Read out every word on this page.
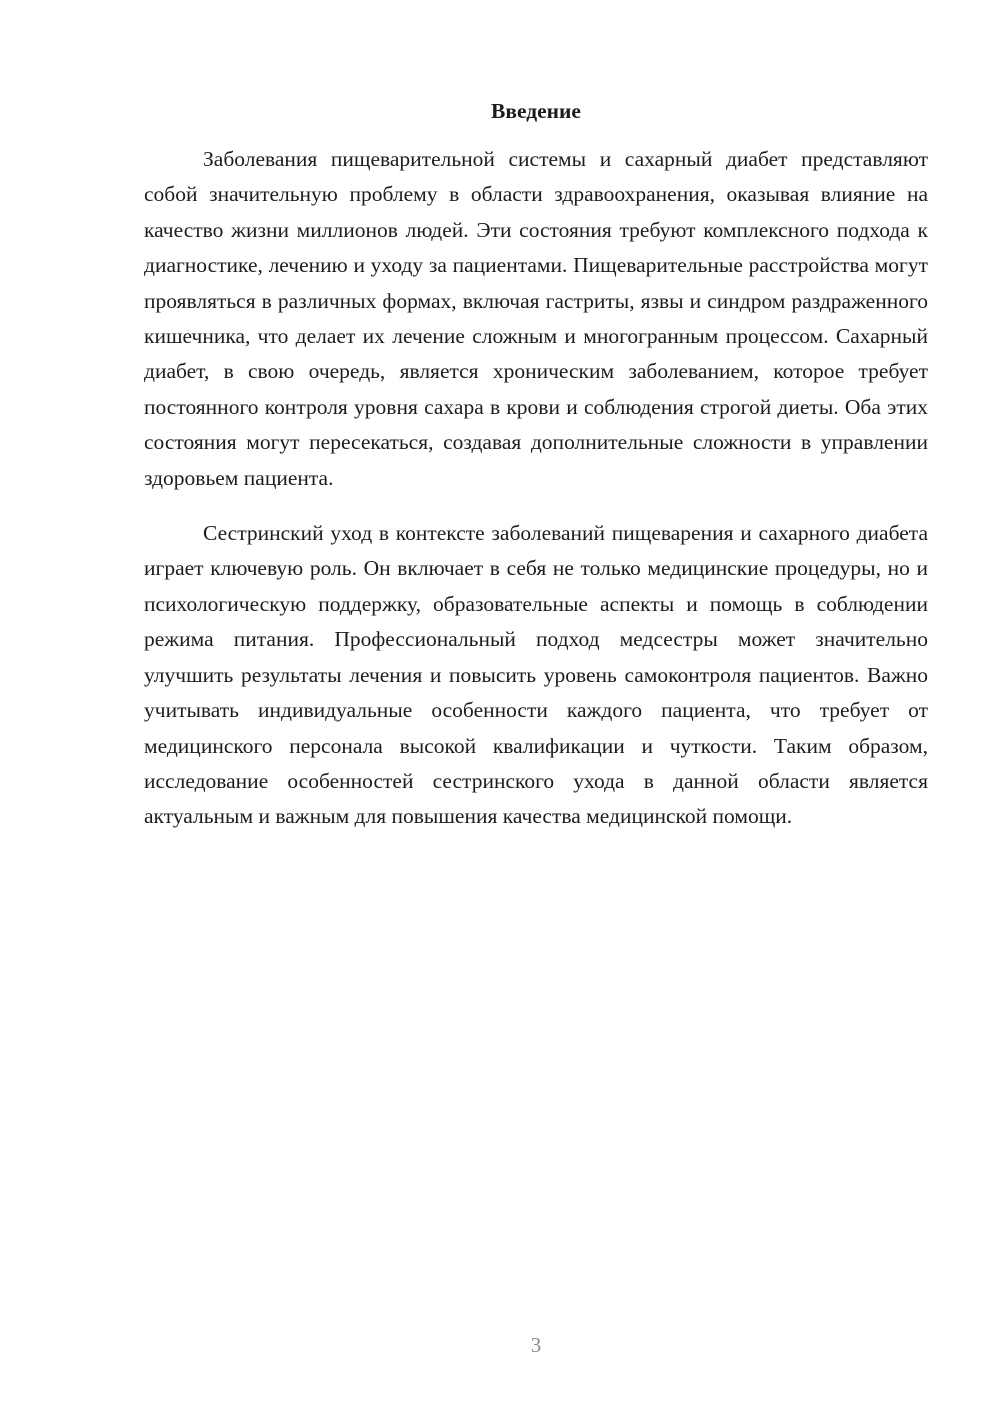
Введение

Заболевания пищеварительной системы и сахарный диабет представляют собой значительную проблему в области здравоохранения, оказывая влияние на качество жизни миллионов людей. Эти состояния требуют комплексного подхода к диагностике, лечению и уходу за пациентами. Пищеварительные расстройства могут проявляться в различных формах, включая гастриты, язвы и синдром раздраженного кишечника, что делает их лечение сложным и многогранным процессом. Сахарный диабет, в свою очередь, является хроническим заболеванием, которое требует постоянного контроля уровня сахара в крови и соблюдения строгой диеты. Оба этих состояния могут пересекаться, создавая дополнительные сложности в управлении здоровьем пациента.

Сестринский уход в контексте заболеваний пищеварения и сахарного диабета играет ключевую роль. Он включает в себя не только медицинские процедуры, но и психологическую поддержку, образовательные аспекты и помощь в соблюдении режима питания. Профессиональный подход медсестры может значительно улучшить результаты лечения и повысить уровень самоконтроля пациентов. Важно учитывать индивидуальные особенности каждого пациента, что требует от медицинского персонала высокой квалификации и чуткости. Таким образом, исследование особенностей сестринского ухода в данной области является актуальным и важным для повышения качества медицинской помощи.

3
